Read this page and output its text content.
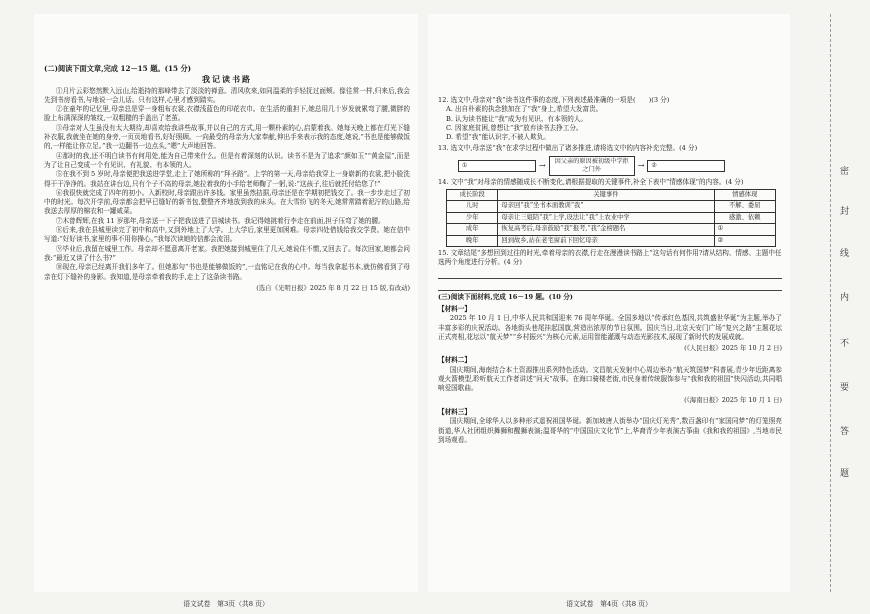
(二)阅读下面文章,完成 12－15 题。(15 分)
我记读书路

①月片云彩悠然默入远山,给逝持的那峰带去了淡淡的禅意。清风吹来,如同温柔的手轻抚过面颊。像往常一样,归来后,我会先到书房看书,与地说一会儿话。只有这样,心里才感到踏实。

②在童年的记忆里,母亲总是穿一身粗布衣裳,衣襟浅蓝色的印花衣巾。在生活的重担下,她总用几十岁发就累弯了腰,微胖的脸上布满深深的皱纹,一双粗糙的手盖出了老茧。

③母亲对人生虽没有太大期待,却喜欢给我讲些故事,并以自己的方式,用一颗朴素的心,启蒙着我。她每天晚上都在灯光下缝补衣服,我就坐在她的身旁,一页页地看书,好好照顾。一向最受的母亲为大家奉献,伸出手来表示我的态度,她说,“书也是能够做饭的,一样能让你立足。”我一边翻书一边点头,“嗯”大声地回答。

④那时的我,还不明白读书有何用处,能为自己带来什么。但是有着深刻的认识。读书不是为了追求“颜如玉”“黄金屋”,而是为了让自己变成一个有见识、有礼貌、有本领的人。

⑤在我不到 5 岁时,母亲便把我送进学堂,走上了她所称的“拜圣路”。上学的第一天,母亲给我穿上一身崭新的衣裳,把小脸洗得干干净净的。我站在讲台边,只有个子不高的母亲,她拉着我的小手给老师鞠了一躬,说:“这孩子,往后就托付给您了!”

⑥我很快就完成了四年的初小。入新校时,母亲跟出许多钱。家里虽然拮据,母亲还是在学期初把钱交了。我一步步走过了初中的时光。每次开学前,母亲都会把早已缝好的新书包,整整齐齐地放到我的床头。在大雪纷飞的冬天,她常常踏着泥泞的山路,给我送去厚厚的棉衣和一罐咸菜。

⑦木曾辉辉,在我 11 岁那年,母亲送一下子把我送进了县城读书。我记得她挑着行李走在前面,担子压弯了她的腰。

⑧后来,我在县城里读完了初中和高中,又到外地上了大学。上大学后,家里更加困难。母亲四处借钱给我交学费。她在信中写道:“好好读书,家里的事不用你操心。”我每次读她的信都会流泪。

⑨毕业后,我留在城里工作。母亲却不愿意离开老家。我把她接到城里住了几天,她说住不惯,又回去了。每次回家,她都会问我:“最近又读了什么书?”

⑩现在,母亲已经离开我们多年了。但她那句“书也是能够做饭的”,一直铭记在我的心中。每当我拿起书本,就仿佛看到了母亲在灯下缝补的身影。我知道,是母亲牵着我的手,走上了这条读书路。

(选自《光明日报》2025 年 8 月 22 日 15 版,有改动)
语文试卷　第3页（共8 页）
12. 选文中,母亲对“我”读书这件事的态度,下列表述最准确的一项是(　　)(3 分)
A. 出自朴素的执念独加在了“我”身上,希望大发富贵。
B. 认为读书能让“我”成为有见识、有本领的人。
C. 因家庭贫困,曾想让“我”放弃读书去挣工分。
D. 希望“我”能认识字,不被人欺负。
13. 选文中,母亲送“我”在求学过程中做出了诸多推进,请将选文中的内容补充完整。(4 分)
①	→	因父亲的原因被初级中学拒之门外	→	②
14. 文中“我”对母亲的情感随成长不断变化,请根据提取的关键事件,补全下表中“情感体现”的内容。(4 分)
成长阶段	关键事件	情感体现
儿时	母亲回“我”坐书本面教训“我”	不解、委屈
少年	母亲让三姐陪“我”上学,设法让“我”上农业中学	感激、依赖
成年	恢复高考后,母亲鼓励“我”报考,“我”金榜题名	①
晚年	回到故乡,站在老宅窗前下回忆母亲	②
15. 文章结尾“多想回到过往的时光,牵着母亲的衣襟,行走在漫漫读书路上”这句话有何作用?请从结构、情感、主题中任选两个角度进行分析。(4 分)
(三)阅读下面材料,完成 16－19 题。(10 分)
【材料一】

2025 年 10 月 1 日,中华人民共和国迎来 76 周年华诞。全国多地以“传承红色基因,共筑盛世华诞”为主题,举办了丰富多彩的庆祝活动。各地街头巷尾挂起国旗,营造出浓厚的节日氛围。国庆当日,北京天安门广场“复兴之路”主题花坛正式亮相,花坛以“航天梦”“乡村振兴”为核心元素,运用智能灌溉与动态光影技术,展现了新时代的发展成就。

(《人民日报》2025 年 10 月 2 日)
【材料二】

国庆期间,海南结合本土资源推出系列特色活动。文昌航天发射中心周边举办“航天筑国梦”科普展,青少年近距离参观火箭模型,聆听航天工作者讲述“问天”故事。在海口骑楼老街,市民身着传统服饰参与“我和我的祖国”快闪活动,共同唱响爱国歌曲。

(《海南日报》2025 年 10 月 1 日)
【材料三】

国庆期间,全球华人以多种形式遥祝祖国华诞。新加坡唐人街举办“国庆灯光秀”,数百盏印有“家国同梦”的灯笼照亮街道,华人社团组织舞狮和醒狮表演;温哥华的“中国国庆文化节”上,华裔青少年表演古筝曲《我和我的祖国》,当地市民到场观看。

语文试卷　第4页（共8 页）
密
封
线
内
不
要
答
题
